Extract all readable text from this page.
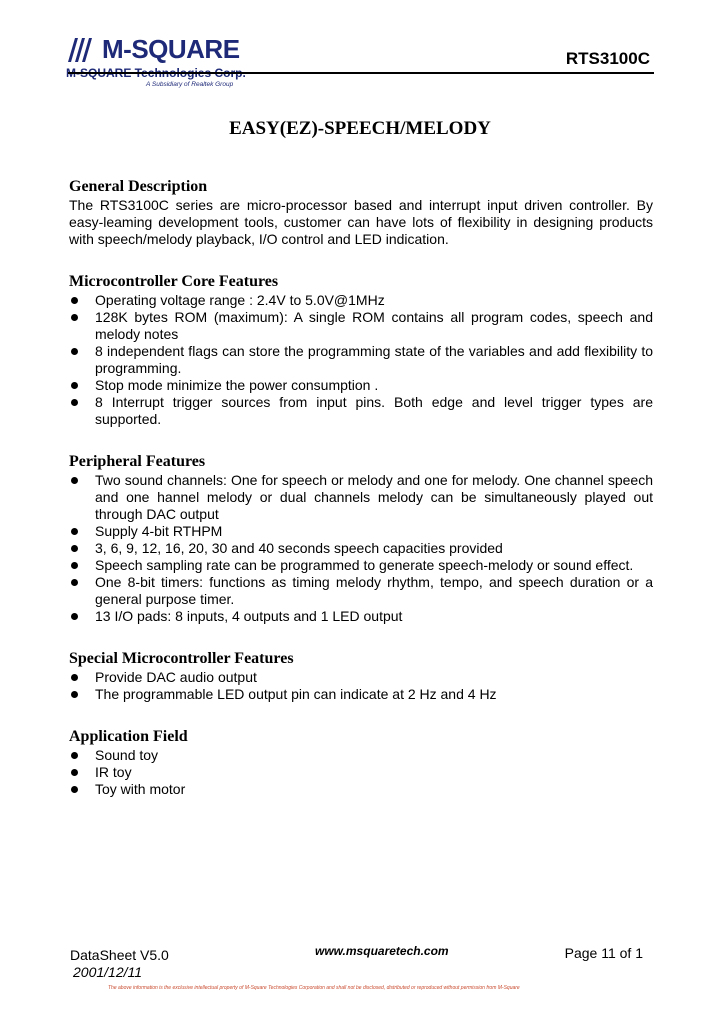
M-SQUARE
M-SQUARE Technologies Corp.
A Subsidiary of Realtek Group
RTS3100C
EASY(EZ)-SPEECH/MELODY
General Description

The RTS3100C series are micro-processor based and interrupt input driven controller. By easy-leaming development tools, customer can have lots of flexibility in designing products with speech/melody playback, I/O control and LED indication.

Microcontroller Core Features
Operating voltage range : 2.4V to 5.0V@1MHz
128K bytes ROM (maximum): A single ROM contains all program codes, speech and melody notes
8 independent flags can store the programming state of the variables and add flexibility to programming.
Stop mode minimize the power consumption .
8 Interrupt trigger sources from input pins. Both edge and level trigger types are supported.
Peripheral Features
Two sound channels: One for speech or melody and one for melody. One channel speech and one hannel melody or dual channels melody can be simultaneously played out through DAC output
Supply 4-bit RTHPM
3, 6, 9, 12, 16, 20, 30 and 40 seconds speech capacities provided
Speech sampling rate can be programmed to generate speech-melody or sound effect.
One 8-bit timers: functions as timing melody rhythm, tempo, and speech duration or a general purpose timer.
13 I/O pads: 8 inputs, 4 outputs and 1 LED output
Special Microcontroller Features
Provide DAC audio output
The programmable LED output pin can indicate at 2 Hz and 4 Hz
Application Field
Sound toy
IR toy
Toy with motor
DataSheet V5.0
2001/12/11
www.msquaretech.com	Page 11 of 1
The above information is the exclusive intellectual property of M-Square Technologies Corporation and shall not be disclosed, distributed or reproduced without permission from M-Square
